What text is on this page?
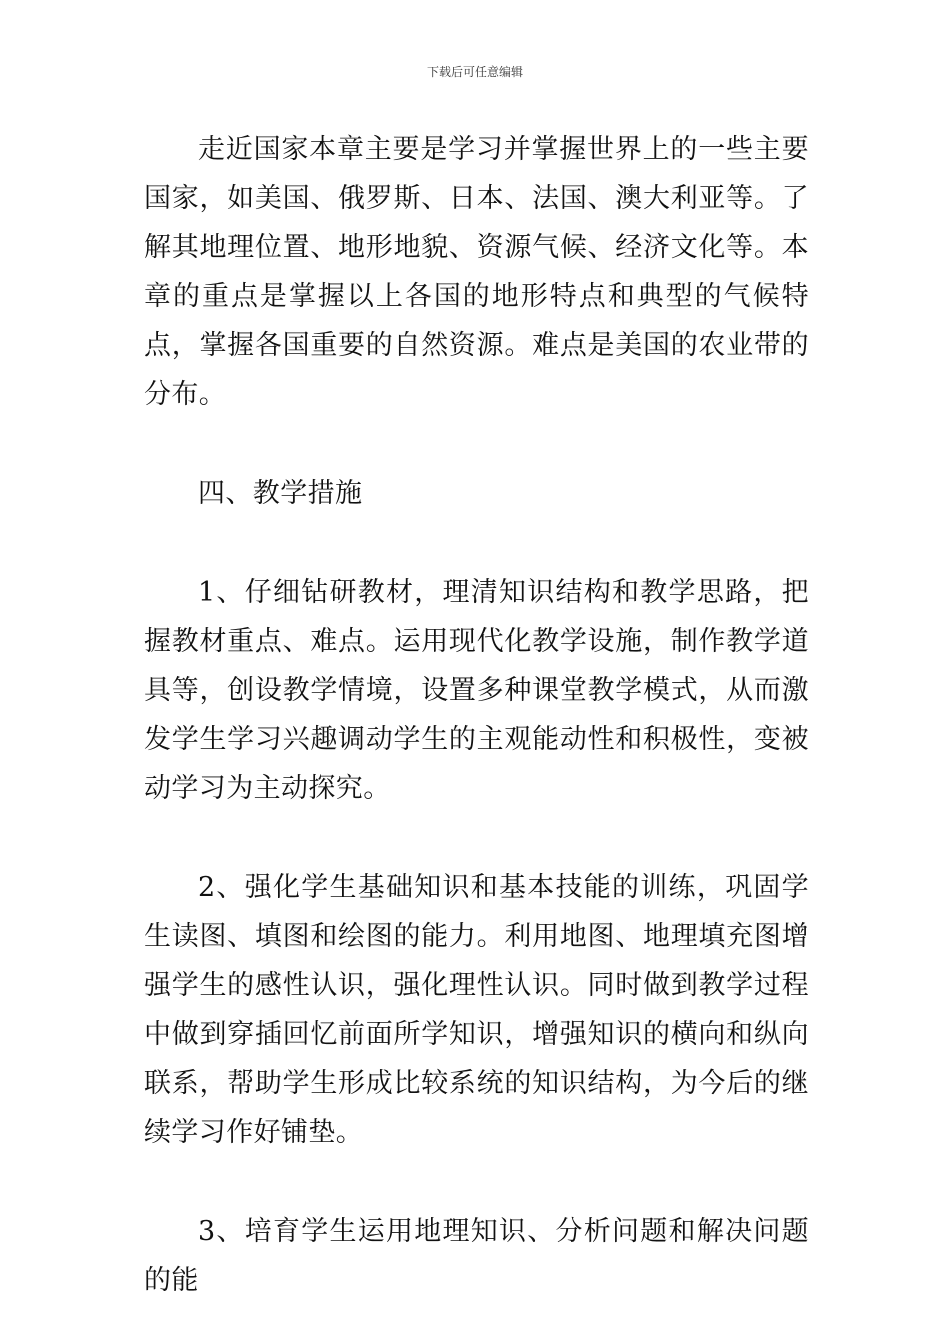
下载后可任意编辑

走近国家本章主要是学习并掌握世界上的一些主要国家，如美国、俄罗斯、日本、法国、澳大利亚等。了解其地理位置、地形地貌、资源气候、经济文化等。本章的重点是掌握以上各国的地形特点和典型的气候特点，掌握各国重要的自然资源。难点是美国的农业带的分布。

四、教学措施

1、仔细钻研教材，理清知识结构和教学思路，把握教材重点、难点。运用现代化教学设施，制作教学道具等，创设教学情境，设置多种课堂教学模式，从而激发学生学习兴趣调动学生的主观能动性和积极性，变被动学习为主动探究。

2、强化学生基础知识和基本技能的训练，巩固学生读图、填图和绘图的能力。利用地图、地理填充图增强学生的感性认识，强化理性认识。同时做到教学过程中做到穿插回忆前面所学知识，增强知识的横向和纵向联系，帮助学生形成比较系统的知识结构，为今后的继续学习作好铺垫。

3、培育学生运用地理知识、分析问题和解决问题的能
